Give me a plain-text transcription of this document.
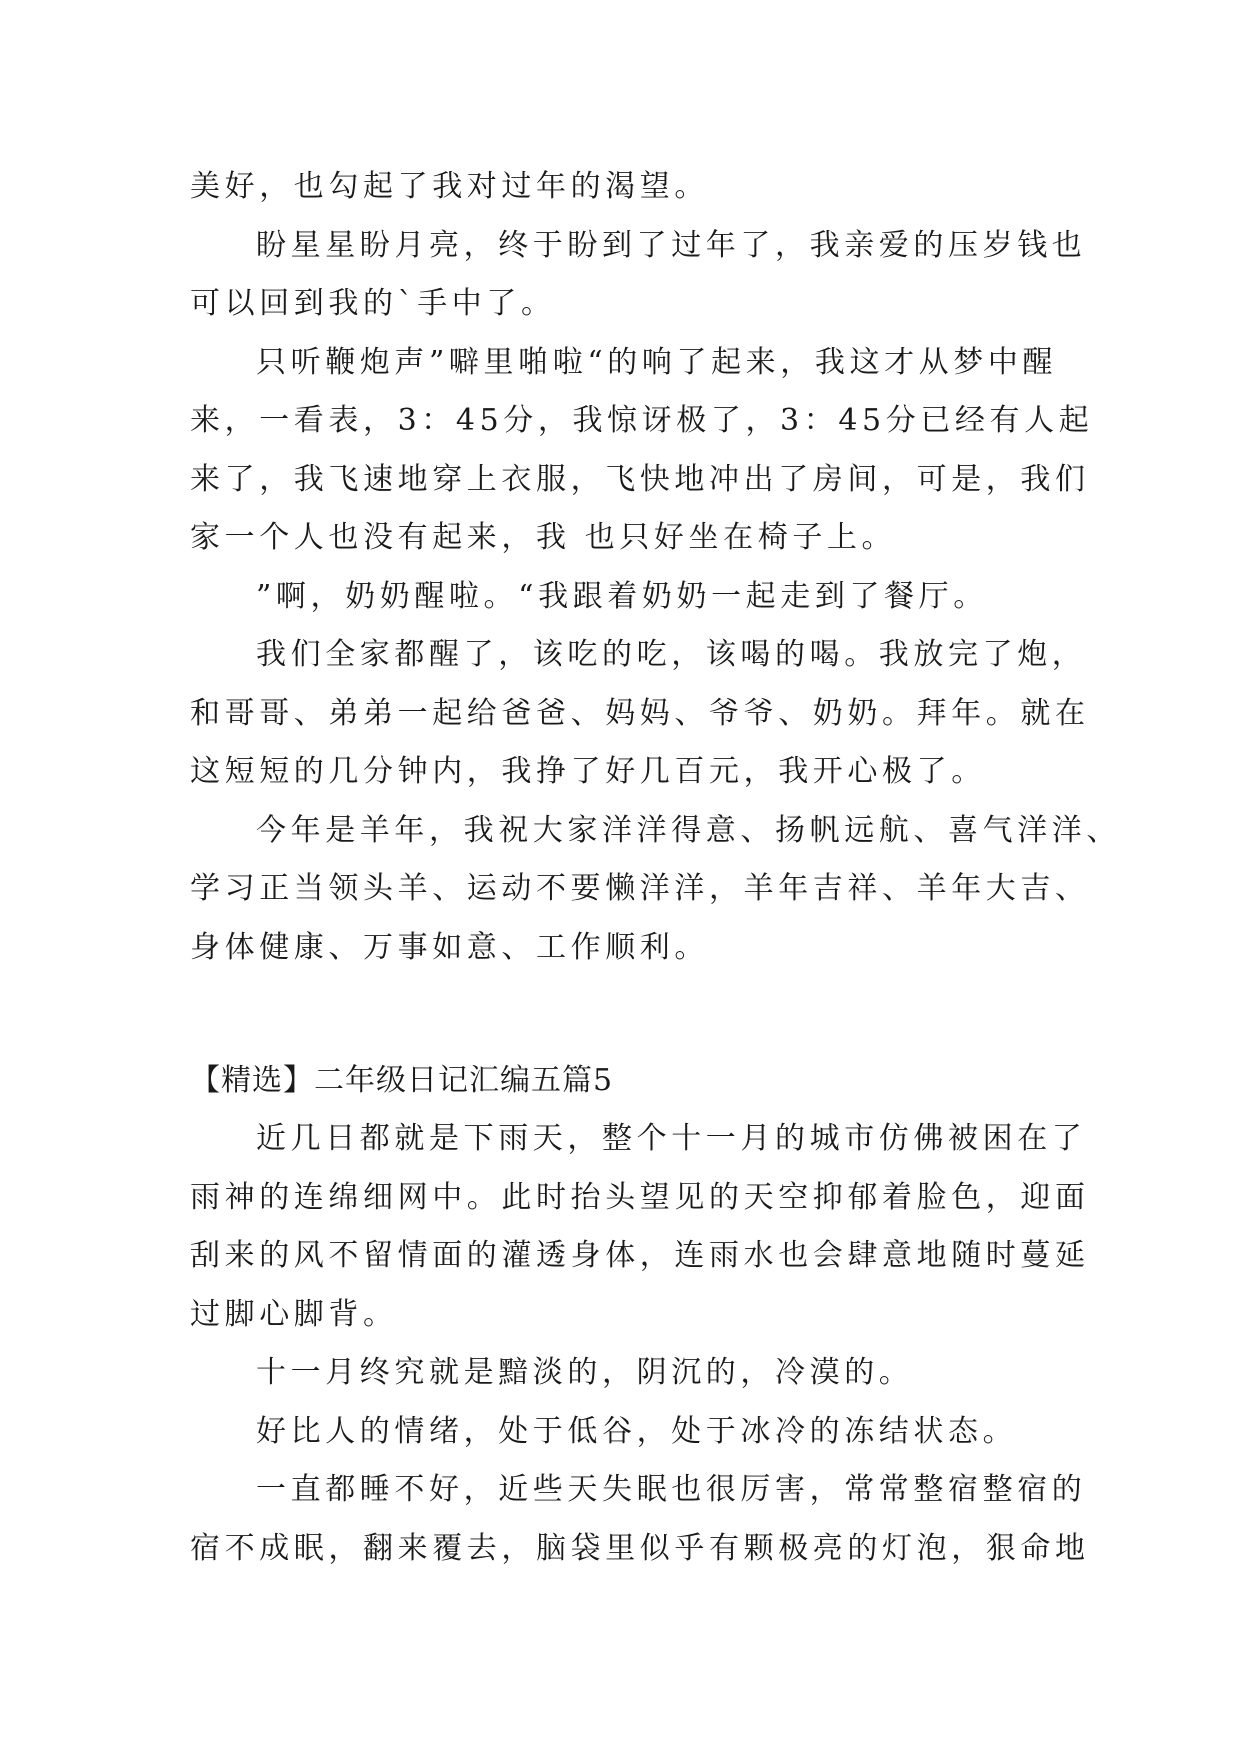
美好，也勾起了我对过年的渴望。
盼星星盼月亮，终于盼到了过年了，我亲爱的压岁钱也
可以回到我的`手中了。
只听鞭炮声”噼里啪啦“的响了起来，我这才从梦中醒
来，一看表，3：45分，我惊讶极了，3：45分已经有人起
来了，我飞速地穿上衣服，飞快地冲出了房间，可是，我们
家一个人也没有起来，我 也只好坐在椅子上。
”啊，奶奶醒啦。“我跟着奶奶一起走到了餐厅。
我们全家都醒了，该吃的吃，该喝的喝。我放完了炮，
和哥哥、弟弟一起给爸爸、妈妈、爷爷、奶奶。拜年。就在
这短短的几分钟内，我挣了好几百元，我开心极了。
今年是羊年，我祝大家洋洋得意、扬帆远航、喜气洋洋、
学习正当领头羊、运动不要懒洋洋，羊年吉祥、羊年大吉、
身体健康、万事如意、工作顺利。
【精选】二年级日记汇编五篇5
近几日都就是下雨天，整个十一月的城市仿佛被困在了
雨神的连绵细网中。此时抬头望见的天空抑郁着脸色，迎面
刮来的风不留情面的灌透身体，连雨水也会肆意地随时蔓延
过脚心脚背。
十一月终究就是黯淡的，阴沉的，冷漠的。
好比人的情绪，处于低谷，处于冰冷的冻结状态。
一直都睡不好，近些天失眠也很厉害，常常整宿整宿的
宿不成眠，翻来覆去，脑袋里似乎有颗极亮的灯泡，狠命地
